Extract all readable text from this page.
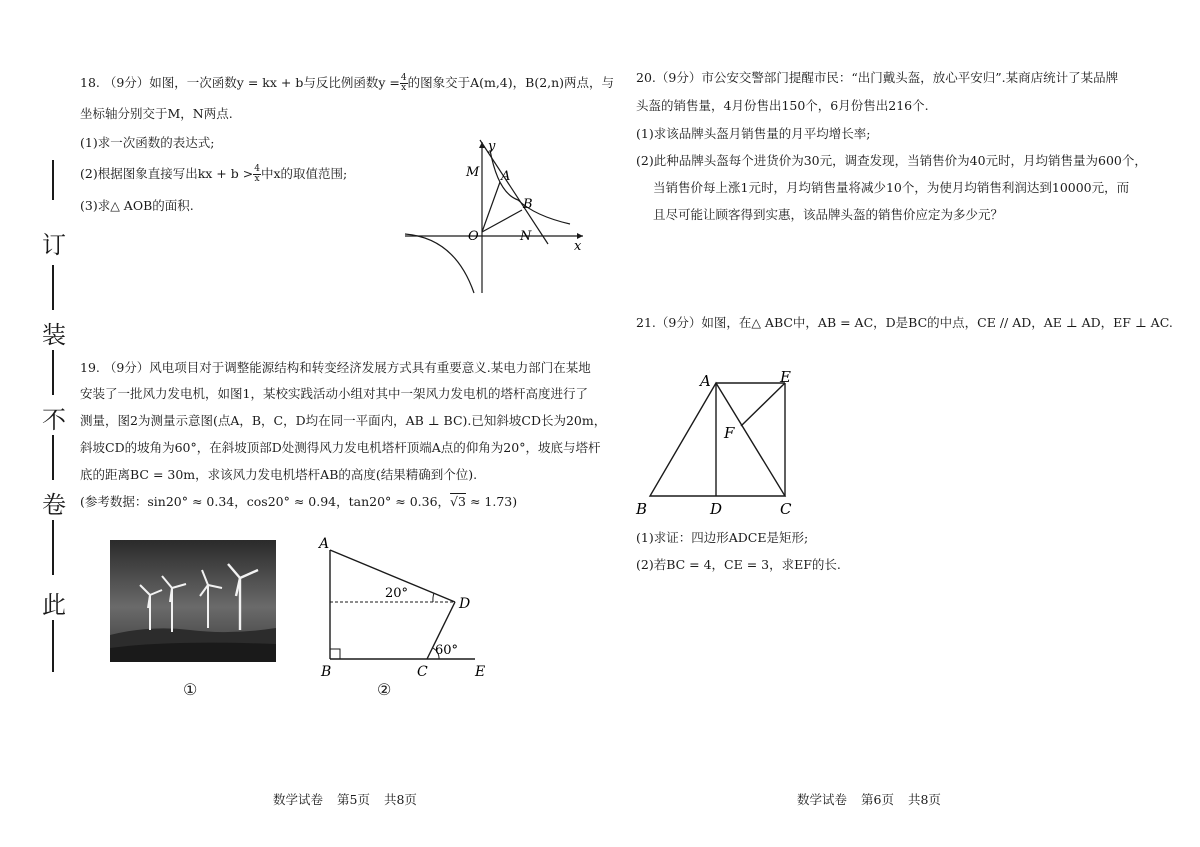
订
装
不
卷
此
18. （9分）如图，一次函数y = kx + b与反比例函数$y = \frac{4}{x}$ 的图象交于A(m,4)，B(2,n)两点，与
坐标轴分别交于M，N两点.
(1)求一次函数的表达式;
(2)根据图象直接写出kx + $b > \frac{4}{x}$ 中x的取值范围;
(3)求△ AOB的面积.
y
x
M A
B
O	N
19. （9分）风电项目对于调整能源结构和转变经济发展方式具有重要意义.某电力部门在某地
安装了一批风力发电机，如图1，某校实践活动小组对其中一架风力发电机的塔杆高度进行了
测量，图2为测量示意图(点A，B，C，D均在同一平面内，AB ⊥ BC).已知斜坡CD长为20m，
斜坡CD的坡角为60°，在斜坡顶部D处测得风力发电机塔杆顶端A点的仰角为20°，坡底与塔杆
底的距离BC = 30m，求该风力发电机塔杆AB的高度(结果精确到个位).
(参考数据：sin20° ≈ 0.34，cos20° ≈ 0.94，tan20° ≈ 0.36，√3 ≈ 1.73)
①
A
B	C
D
E
20°
60°
②
20.（9分）市公安交警部门提醒市民：“出门戴头盔，放心平安归”.某商店统计了某品牌
头盔的销售量，4月份售出150个，6月份售出216个.
(1)求该品牌头盔月销售量的月平均增长率;
(2)此种品牌头盔每个进货价为30元，调查发现，当销售价为40元时，月均销售量为600个，
当销售价每上涨1元时，月均销售量将减少10个，为使月均销售利润达到10000元，而
且尽可能让顾客得到实惠，该品牌头盔的销售价应定为多少元？
21.（9分）如图，在△ ABC中，AB = AC，D是BC的中点，CE // AD，AE ⊥ AD，EF ⊥ AC.
A	E
F
B	D	C
(1)求证：四边形ADCE是矩形;
(2)若BC = 4，CE = 3，求EF的长.
数学试卷 第5页 共8页	数学试卷 第6页 共8页
